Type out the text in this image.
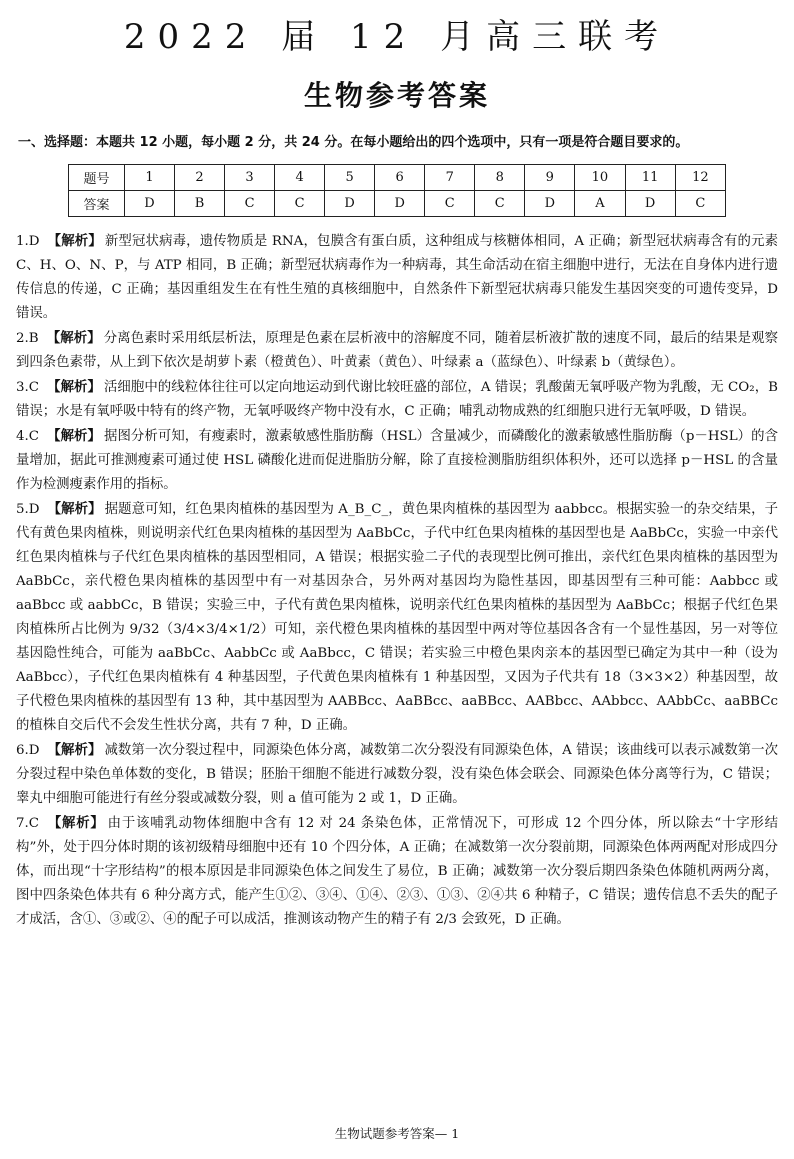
2022 届 12 月高三联考
生物参考答案
一、选择题：本题共 12 小题，每小题 2 分，共 24 分。在每小题给出的四个选项中，只有一项是符合题目要求的。
题号	1	2	3	4	5	6	7	8	9	10	11	12
答案	D	B	C	C	D	D	C	C	D	A	D	C

1.D 【解析】 新型冠状病毒，遗传物质是 RNA，包膜含有蛋白质，这种组成与核糖体相同，A 正确；新型冠状病毒含有的元素 C、H、O、N、P，与 ATP 相同，B 正确；新型冠状病毒作为一种病毒，其生命活动在宿主细胞中进行，无法在自身体内进行遗传信息的传递，C 正确；基因重组发生在有性生殖的真核细胞中，自然条件下新型冠状病毒只能发生基因突变的可遗传变异，D 错误。

2.B 【解析】 分离色素时采用纸层析法，原理是色素在层析液中的溶解度不同，随着层析液扩散的速度不同，最后的结果是观察到四条色素带，从上到下依次是胡萝卜素（橙黄色）、叶黄素（黄色）、叶绿素 a（蓝绿色）、叶绿素 b（黄绿色）。

3.C 【解析】 活细胞中的线粒体往往可以定向地运动到代谢比较旺盛的部位，A 错误；乳酸菌无氧呼吸产物为乳酸，无 CO₂，B 错误；水是有氧呼吸中特有的终产物，无氧呼吸终产物中没有水，C 正确；哺乳动物成熟的红细胞只进行无氧呼吸，D 错误。

4.C 【解析】 据图分析可知，有瘦素时，激素敏感性脂肪酶（HSL）含量减少，而磷酸化的激素敏感性脂肪酶（p－HSL）的含量增加，据此可推测瘦素可通过使 HSL 磷酸化进而促进脂肪分解，除了直接检测脂肪组织体积外，还可以选择 p－HSL 的含量作为检测瘦素作用的指标。

5.D 【解析】 据题意可知，红色果肉植株的基因型为 A_B_C_，黄色果肉植株的基因型为 aabbcc。根据实验一的杂交结果，子代有黄色果肉植株，则说明亲代红色果肉植株的基因型为 AaBbCc，子代中红色果肉植株的基因型也是 AaBbCc，实验一中亲代红色果肉植株与子代红色果肉植株的基因型相同，A 错误；根据实验二子代的表现型比例可推出，亲代红色果肉植株的基因型为 AaBbCc，亲代橙色果肉植株的基因型中有一对基因杂合，另外两对基因均为隐性基因，即基因型有三种可能：Aabbcc 或 aaBbcc 或 aabbCc，B 错误；实验三中，子代有黄色果肉植株，说明亲代红色果肉植株的基因型为 AaBbCc；根据子代红色果肉植株所占比例为 9/32（3/4×3/4×1/2）可知，亲代橙色果肉植株的基因型中两对等位基因各含有一个显性基因，另一对等位基因隐性纯合，可能为 aaBbCc、AabbCc 或 AaBbcc，C 错误；若实验三中橙色果肉亲本的基因型已确定为其中一种（设为 AaBbcc），子代红色果肉植株有 4 种基因型，子代黄色果肉植株有 1 种基因型，又因为子代共有 18（3×3×2）种基因型，故子代橙色果肉植株的基因型有 13 种，其中基因型为 AABBcc、AaBBcc、aaBBcc、AABbcc、AAbbcc、AAbbCc、aaBBCc 的植株自交后代不会发生性状分离，共有 7 种，D 正确。

6.D 【解析】 减数第一次分裂过程中，同源染色体分离，减数第二次分裂没有同源染色体，A 错误；该曲线可以表示减数第一次分裂过程中染色单体数的变化，B 错误；胚胎干细胞不能进行减数分裂，没有染色体会联会、同源染色体分离等行为，C 错误；睾丸中细胞可能进行有丝分裂或减数分裂，则 a 值可能为 2 或 1，D 正确。

7.C 【解析】 由于该哺乳动物体细胞中含有 12 对 24 条染色体，正常情况下，可形成 12 个四分体，所以除去“十字形结构”外，处于四分体时期的该初级精母细胞中还有 10 个四分体，A 正确；在减数第一次分裂前期，同源染色体两两配对形成四分体，而出现“十字形结构”的根本原因是非同源染色体之间发生了易位，B 正确；减数第一次分裂后期四条染色体随机两两分离，图中四条染色体共有 6 种分离方式，能产生①②、③④、①④、②③、①③、②④共 6 种精子，C 错误；遗传信息不丢失的配子才成活，含①、③或②、④的配子可以成活，推测该动物产生的精子有 2/3 会致死，D 正确。

生物试题参考答案— 1
